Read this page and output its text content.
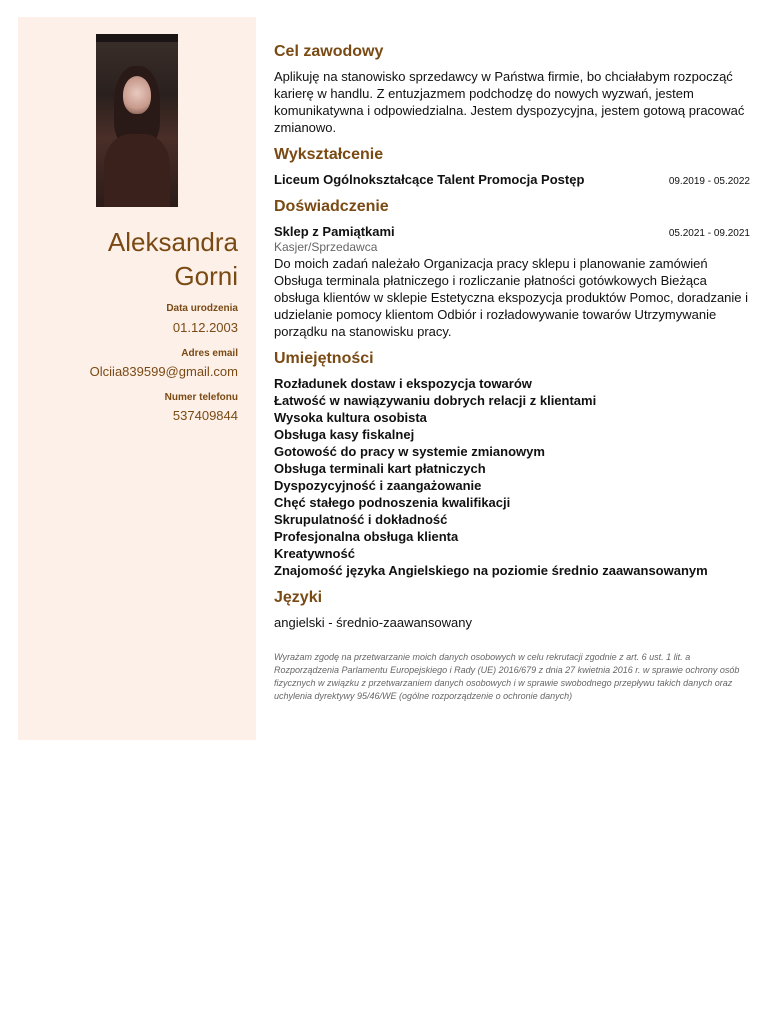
Aleksandra
Gorni
Data urodzenia
01.12.2003
Adres email
Olciia839599@gmail.com
Numer telefonu
537409844
Cel zawodowy

Aplikuję na stanowisko sprzedawcy w Państwa firmie, bo chciałabym rozpocząć karierę w handlu. Z entuzjazmem podchodzę do nowych wyzwań, jestem komunikatywna i odpowiedzialna. Jestem dyspozycyjna, jestem gotową pracować zmianowo.

Wykształcenie
Liceum Ogólnokształcące Talent Promocja Postęp	09.2019 - 05.2022
Doświadczenie
Sklep z Pamiątkami	05.2021 - 09.2021
Kasjer/Sprzedawca

Do moich zadań należało Organizacja pracy sklepu i planowanie zamówień Obsługa terminala płatniczego i rozliczanie płatności gotówkowych Bieżąca obsługa klientów w sklepie Estetyczna ekspozycja produktów Pomoc, doradzanie i udzielanie pomocy klientom Odbiór i rozładowywanie towarów Utrzymywanie porządku na stanowisku pracy.

Umiejętności
Rozładunek dostaw i ekspozycja towarów
Łatwość w nawiązywaniu dobrych relacji z klientami
Wysoka kultura osobista
Obsługa kasy fiskalnej
Gotowość do pracy w systemie zmianowym
Obsługa terminali kart płatniczych
Dyspozycyjność i zaangażowanie
Chęć stałego podnoszenia kwalifikacji
Skrupulatność i dokładność
Profesjonalna obsługa klienta
Kreatywność
Znajomość języka Angielskiego na poziomie średnio zaawansowanym
Języki

angielski - średnio-zaawansowany

Wyrażam zgodę na przetwarzanie moich danych osobowych w celu rekrutacji zgodnie z art. 6 ust. 1 lit. a Rozporządzenia Parlamentu Europejskiego i Rady (UE) 2016/679 z dnia 27 kwietnia 2016 r. w sprawie ochrony osób fizycznych w związku z przetwarzaniem danych osobowych i w sprawie swobodnego przepływu takich danych oraz uchylenia dyrektywy 95/46/WE (ogólne rozporządzenie o ochronie danych)
